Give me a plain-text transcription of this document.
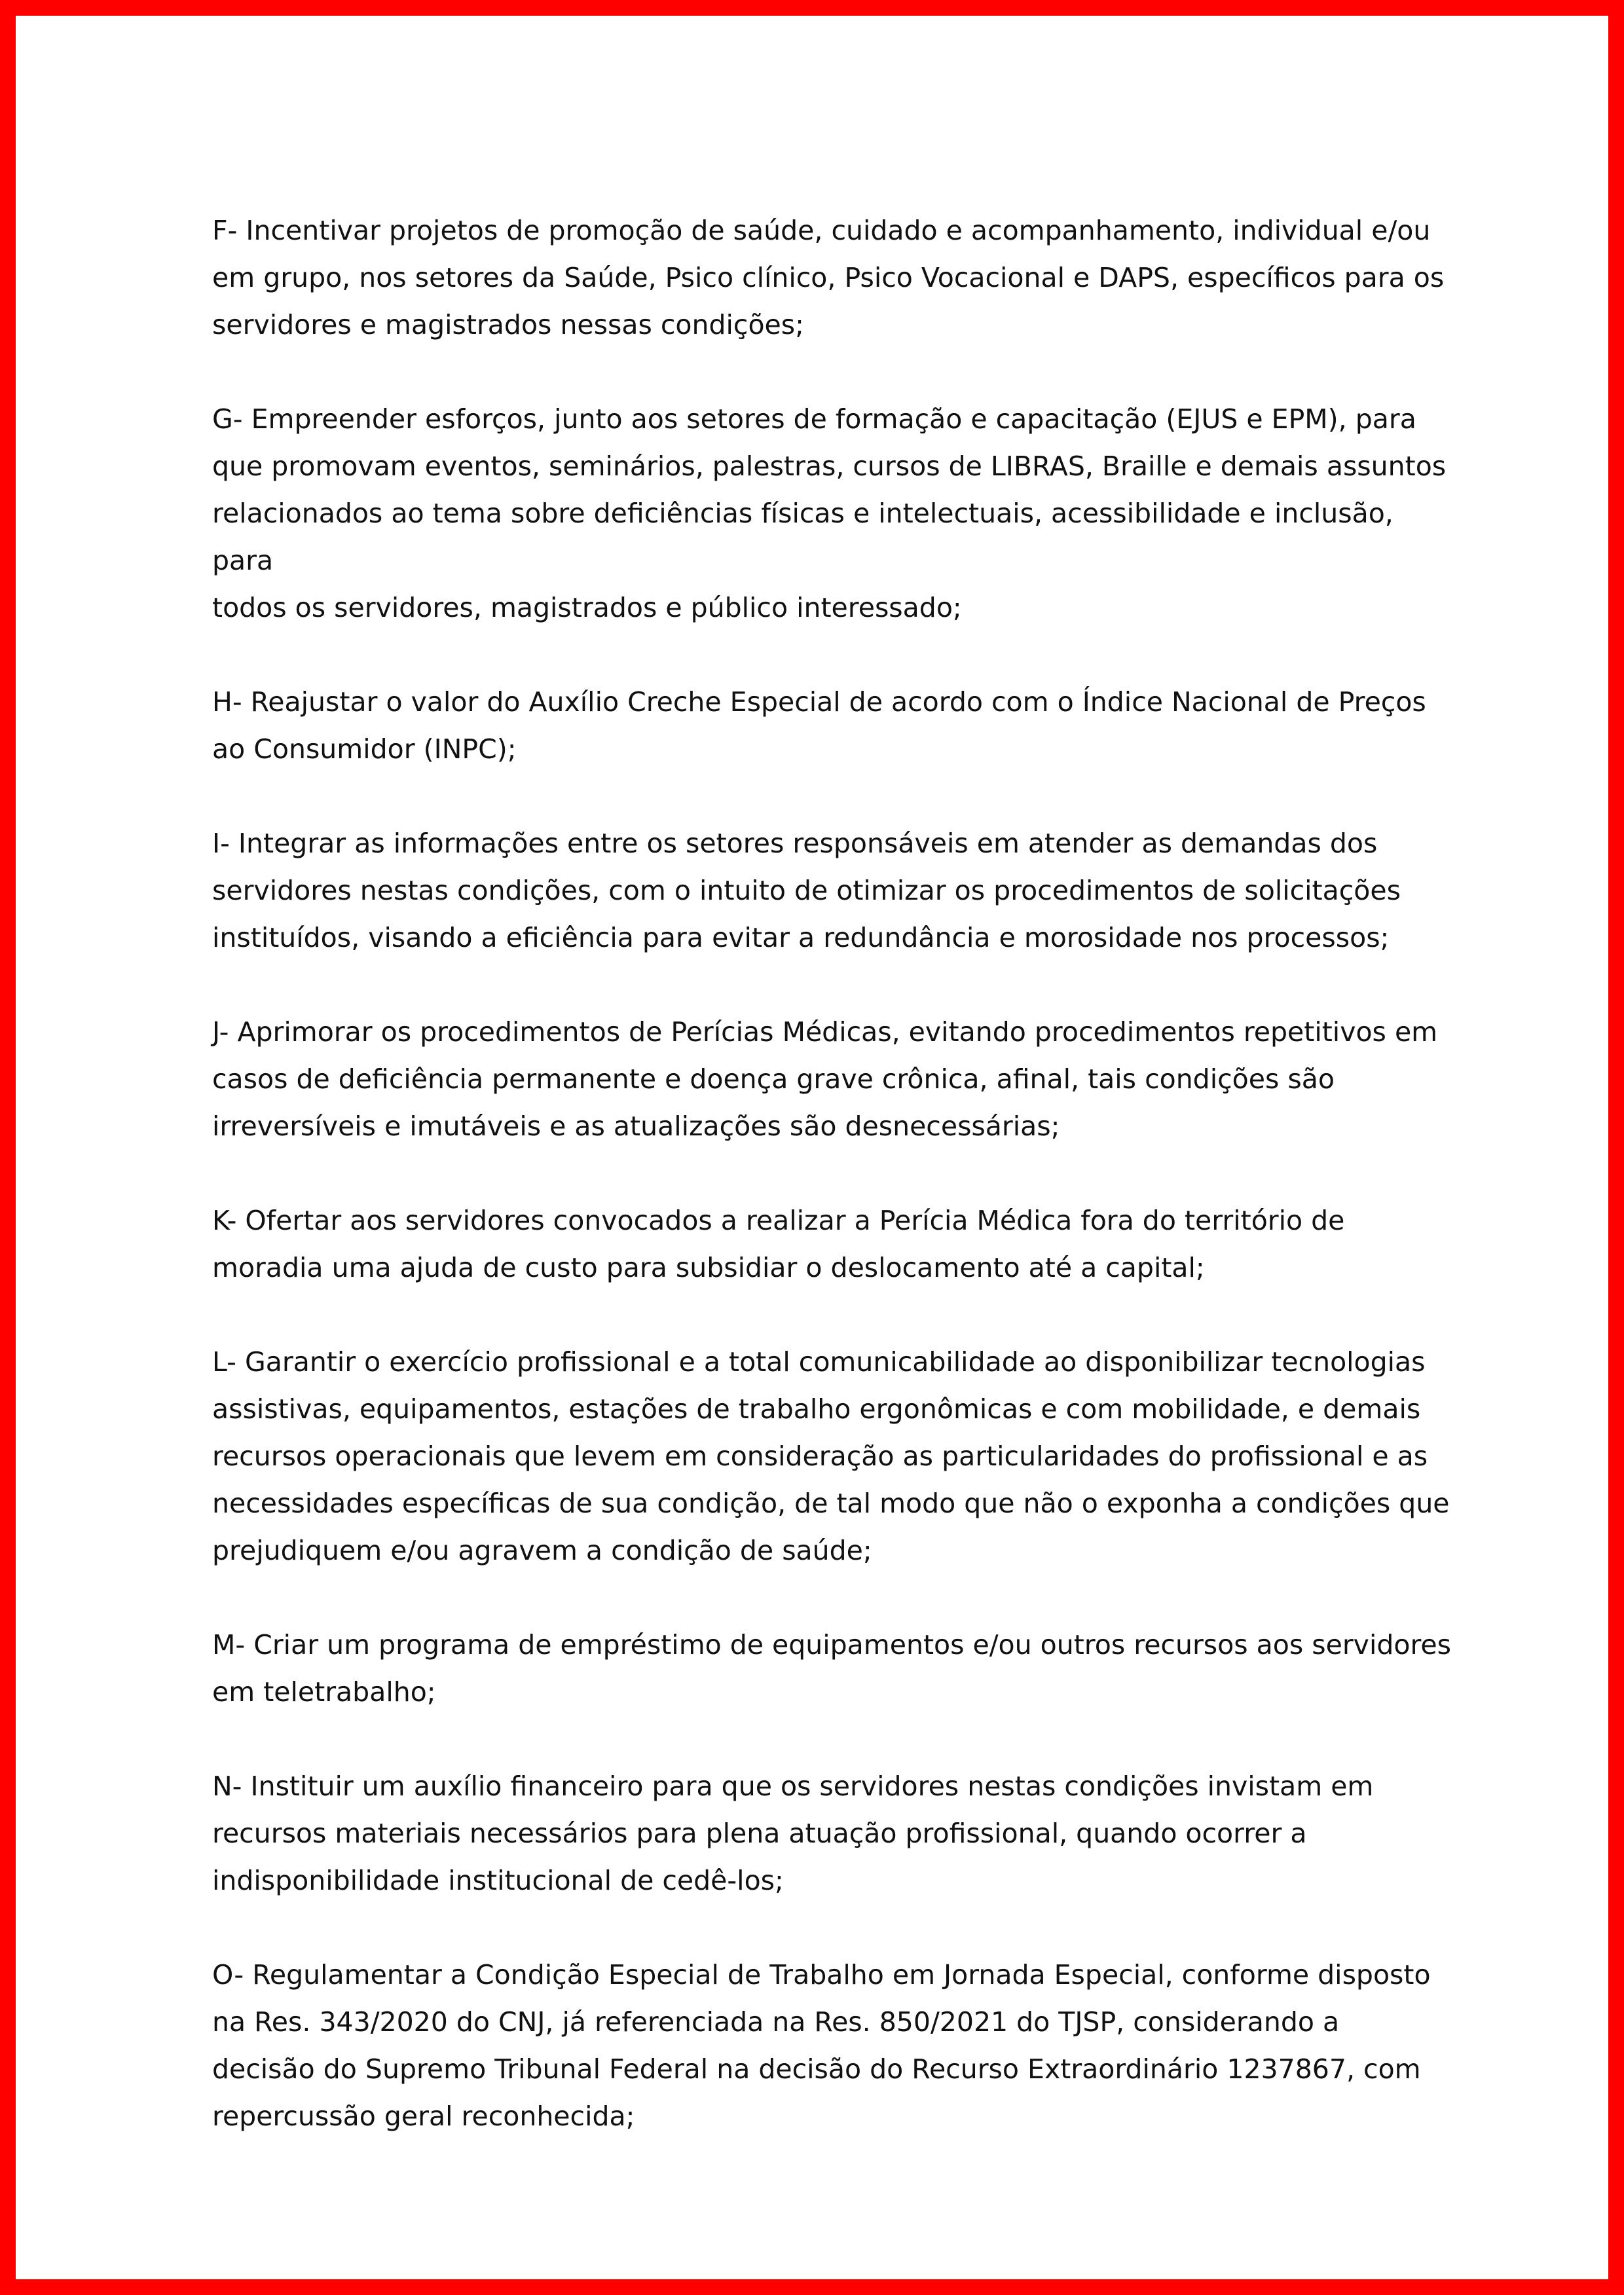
F- Incentivar projetos de promoção de saúde, cuidado e acompanhamento, individual e/ou
em grupo, nos setores da Saúde, Psico clínico, Psico Vocacional e DAPS, específicos para os
servidores e magistrados nessas condições;

G- Empreender esforços, junto aos setores de formação e capacitação (EJUS e EPM), para
que promovam eventos, seminários, palestras, cursos de LIBRAS, Braille e demais assuntos
relacionados ao tema sobre deficiências físicas e intelectuais, acessibilidade e inclusão, para
todos os servidores, magistrados e público interessado;

H- Reajustar o valor do Auxílio Creche Especial de acordo com o Índice Nacional de Preços
ao Consumidor (INPC);

I- Integrar as informações entre os setores responsáveis em atender as demandas dos
servidores nestas condições, com o intuito de otimizar os procedimentos de solicitações
instituídos, visando a eficiência para evitar a redundância e morosidade nos processos;

J- Aprimorar os procedimentos de Perícias Médicas, evitando procedimentos repetitivos em
casos de deficiência permanente e doença grave crônica, afinal, tais condições são
irreversíveis e imutáveis e as atualizações são desnecessárias;

K- Ofertar aos servidores convocados a realizar a Perícia Médica fora do território de
moradia uma ajuda de custo para subsidiar o deslocamento até a capital;

L- Garantir o exercício profissional e a total comunicabilidade ao disponibilizar tecnologias
assistivas, equipamentos, estações de trabalho ergonômicas e com mobilidade, e demais
recursos operacionais que levem em consideração as particularidades do profissional e as
necessidades específicas de sua condição, de tal modo que não o exponha a condições que
prejudiquem e/ou agravem a condição de saúde;

M- Criar um programa de empréstimo de equipamentos e/ou outros recursos aos servidores
em teletrabalho;

N- Instituir um auxílio financeiro para que os servidores nestas condições invistam em
recursos materiais necessários para plena atuação profissional, quando ocorrer a
indisponibilidade institucional de cedê-los;

O- Regulamentar a Condição Especial de Trabalho em Jornada Especial, conforme disposto
na Res. 343/2020 do CNJ, já referenciada na Res. 850/2021 do TJSP, considerando a
decisão do Supremo Tribunal Federal na decisão do Recurso Extraordinário 1237867, com
repercussão geral reconhecida;
